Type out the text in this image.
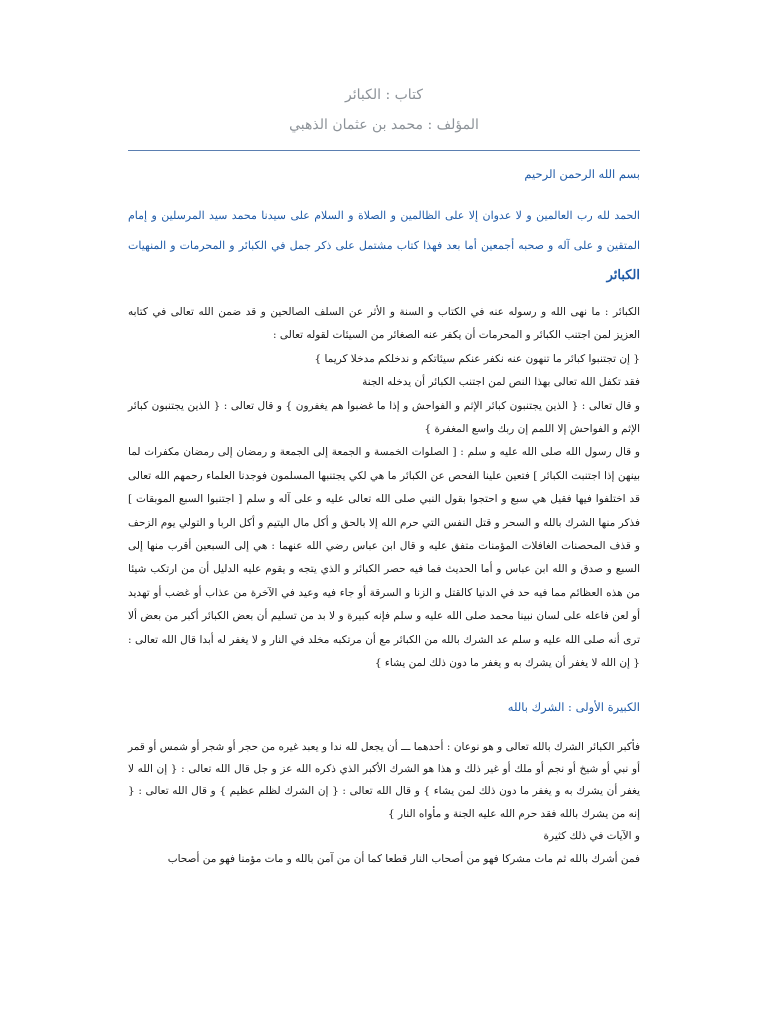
كتاب : الكبائر
المؤلف : محمد بن عثمان الذهبي
بسم الله الرحمن الرحيم
الحمد لله رب العالمين و لا عدوان إلا على الظالمين و الصلاة و السلام على سيدنا محمد سيد المرسلين و إمام المتقين و على آله و صحبه أجمعين أما بعد فهذا كتاب مشتمل على ذكر جمل في الكبائر و المحرمات و المنهيات الكبائر

الكبائر : ما نهى الله و رسوله عنه في الكتاب و السنة و الأثر عن السلف الصالحين و قد ضمن الله تعالى في كتابه العزيز لمن اجتنب الكبائر و المحرمات أن يكفر عنه الصغائر من السيئات لقوله تعالى :

{ إن تجتنبوا كبائر ما تنهون عنه نكفر عنكم سيئاتكم و ندخلكم مدخلا كريما }

فقد تكفل الله تعالى بهذا النص لمن اجتنب الكبائر أن يدخله الجنة

و قال تعالى : { الذين يجتنبون كبائر الإثم و الفواحش و إذا ما غضبوا هم يغفرون } و قال تعالى : { الذين يجتنبون كبائر الإثم و الفواحش إلا اللمم إن ربك واسع المغفرة }

و قال رسول الله صلى الله عليه و سلم : [ الصلوات الخمسة و الجمعة إلى الجمعة و رمضان إلى رمضان مكفرات لما بينهن إذا اجتنبت الكبائر ] فتعين علينا الفحص عن الكبائر ما هي لكي يجتنبها المسلمون فوجدنا العلماء رحمهم الله تعالى قد اختلفوا فيها فقيل هي سبع و احتجوا بقول النبي صلى الله تعالى عليه و على آله و سلم [ اجتنبوا السبع الموبقات ] فذكر منها الشرك بالله و السحر و قتل النفس التي حرم الله إلا بالحق و أكل مال اليتيم و أكل الربا و التولي يوم الزحف و قذف المحصنات الغافلات المؤمنات متفق عليه و قال ابن عباس رضي الله عنهما : هي إلى السبعين أقرب منها إلى السبع و صدق و الله ابن عباس و أما الحديث فما فيه حصر الكبائر و الذي يتجه و يقوم عليه الدليل أن من ارتكب شيئا من هذه العظائم مما فيه حد في الدنيا كالقتل و الزنا و السرقة أو جاء فيه وعيد في الآخرة من عذاب أو غضب أو تهديد أو لعن فاعله على لسان نبينا محمد صلى الله عليه و سلم فإنه كبيرة و لا بد من تسليم أن بعض الكبائر أكبر من بعض ألا ترى أنه صلى الله عليه و سلم عد الشرك بالله من الكبائر مع أن مرتكبه مخلد في النار و لا يغفر له أبدا قال الله تعالى : { إن الله لا يغفر أن يشرك به و يغفر ما دون ذلك لمن يشاء }

الكبيرة الأولى : الشرك بالله

فأكبر الكبائر الشرك بالله تعالى و هو نوعان : أحدهما ـــ أن يجعل لله ندا و يعبد غيره من حجر أو شجر أو شمس أو قمر أو نبي أو شيخ أو نجم أو ملك أو غير ذلك و هذا هو الشرك الأكبر الذي ذكره الله عز و جل قال الله تعالى : { إن الله لا يغفر أن يشرك به و يغفر ما دون ذلك لمن يشاء } و قال الله تعالى : { إن الشرك لظلم عظيم } و قال الله تعالى : { إنه من يشرك بالله فقد حرم الله عليه الجنة و مأواه النار }

و الآيات في ذلك كثيرة

فمن أشرك بالله ثم مات مشركا فهو من أصحاب النار قطعا كما أن من آمن بالله و مات مؤمنا فهو من أصحاب
